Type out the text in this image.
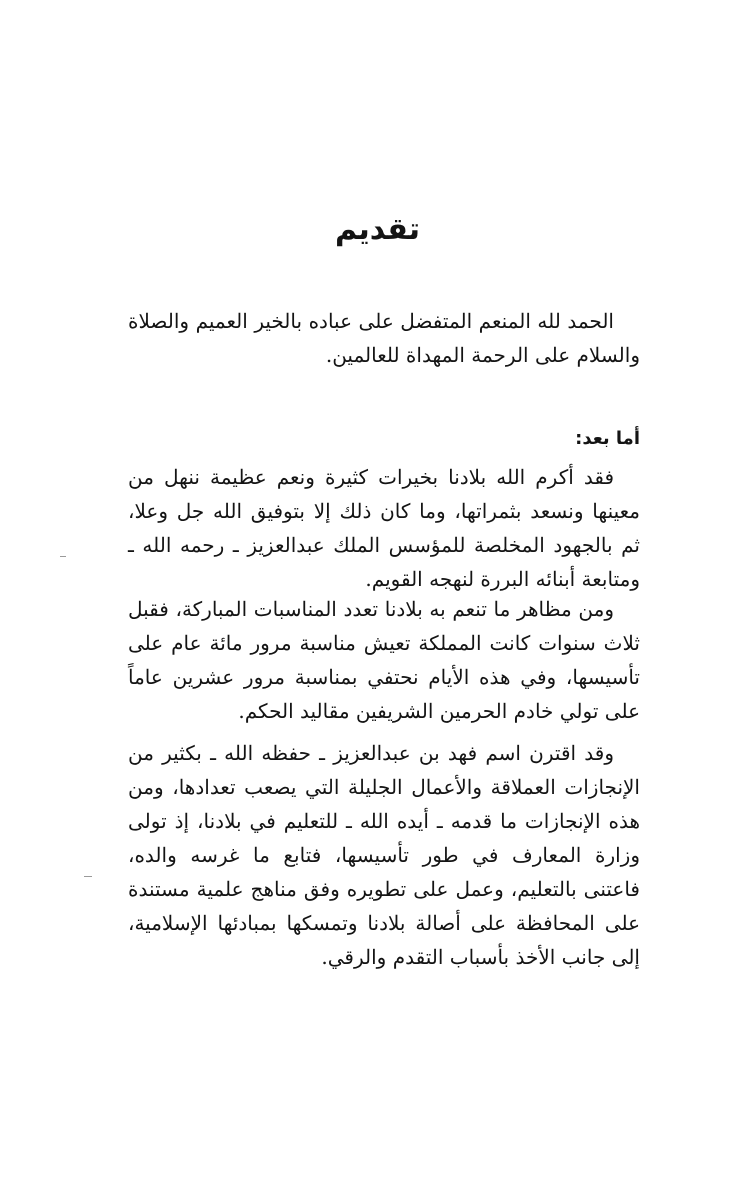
تقديم
الحمد لله المنعم المتفضل على عباده بالخير العميم والصلاة والسلام على الرحمة المهداة للعالمين.
أما بعد:
فقد أكرم الله بلادنا بخيرات كثيرة ونعم عظيمة ننهل من معينها ونسعد بثمراتها، وما كان ذلك إلا بتوفيق الله جل وعلا، ثم بالجهود المخلصة للمؤسس الملك عبدالعزيز ـ رحمه الله ـ ومتابعة أبنائه البررة لنهجه القويم.
ومن مظاهر ما تنعم به بلادنا تعدد المناسبات المباركة، فقبل ثلاث سنوات كانت المملكة تعيش مناسبة مرور مائة عام على تأسيسها، وفي هذه الأيام نحتفي بمناسبة مرور عشرين عاماً على تولي خادم الحرمين الشريفين مقاليد الحكم.
وقد اقترن اسم فهد بن عبدالعزيز ـ حفظه الله ـ بكثير من الإنجازات العملاقة والأعمال الجليلة التي يصعب تعدادها، ومن هذه الإنجازات ما قدمه ـ أيده الله ـ للتعليم في بلادنا، إذ تولى وزارة المعارف في طور تأسيسها، فتابع ما غرسه والده، فاعتنى بالتعليم، وعمل على تطويره وفق مناهج علمية مستندة على المحافظة على أصالة بلادنا وتمسكها بمبادئها الإسلامية، إلى جانب الأخذ بأسباب التقدم والرقي.
